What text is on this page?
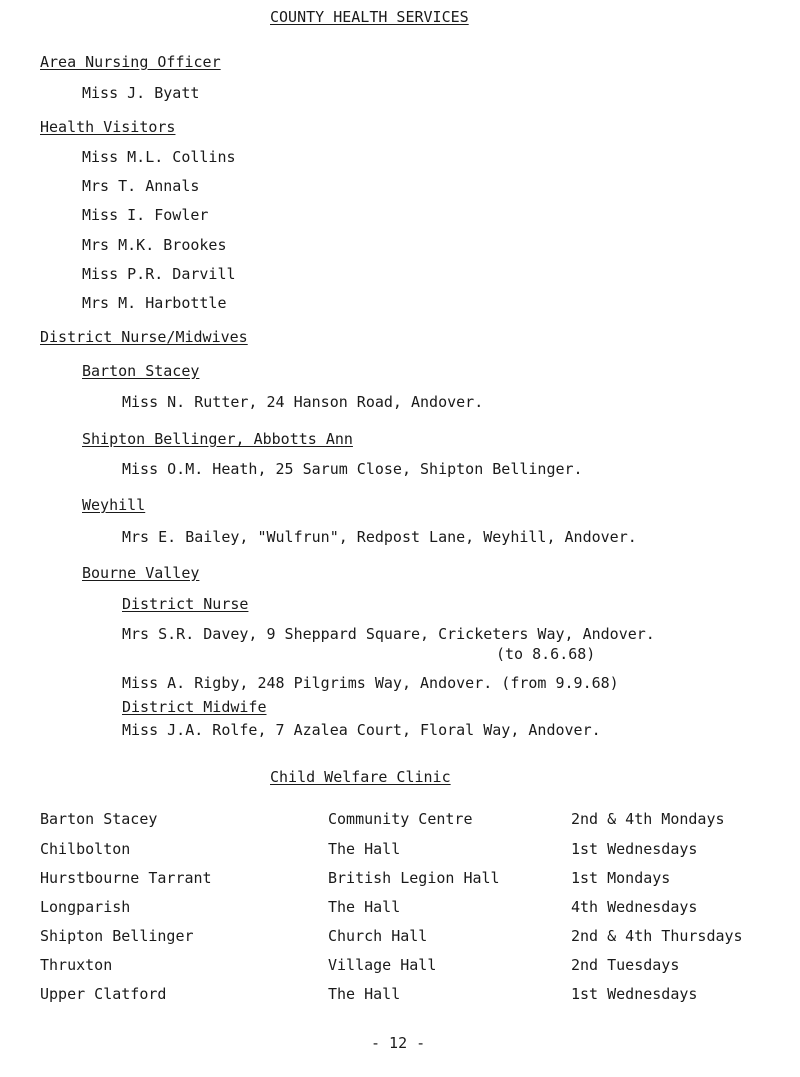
COUNTY HEALTH SERVICES
Area Nursing Officer
Miss J. Byatt
Health Visitors
Miss M.L. Collins
Mrs T. Annals
Miss I. Fowler
Mrs M.K. Brookes
Miss P.R. Darvill
Mrs M. Harbottle
District Nurse/Midwives
Barton Stacey
Miss N. Rutter, 24 Hanson Road, Andover.
Shipton Bellinger, Abbotts Ann
Miss O.M. Heath, 25 Sarum Close, Shipton Bellinger.
Weyhill
Mrs E. Bailey, "Wulfrun", Redpost Lane, Weyhill, Andover.
Bourne Valley
District Nurse
Mrs S.R. Davey, 9 Sheppard Square, Cricketers Way, Andover.
(to 8.6.68)
Miss A. Rigby, 248 Pilgrims Way, Andover. (from 9.9.68)
District Midwife
Miss J.A. Rolfe, 7 Azalea Court, Floral Way, Andover.
Child Welfare Clinic
Barton Stacey	Community Centre	2nd & 4th Mondays
Chilbolton	The Hall	1st Wednesdays
Hurstbourne Tarrant	British Legion Hall	1st Mondays
Longparish	The Hall	4th Wednesdays
Shipton Bellinger	Church Hall	2nd & 4th Thursdays
Thruxton	Village Hall	2nd Tuesdays
Upper Clatford	The Hall	1st Wednesdays
- 12 -
